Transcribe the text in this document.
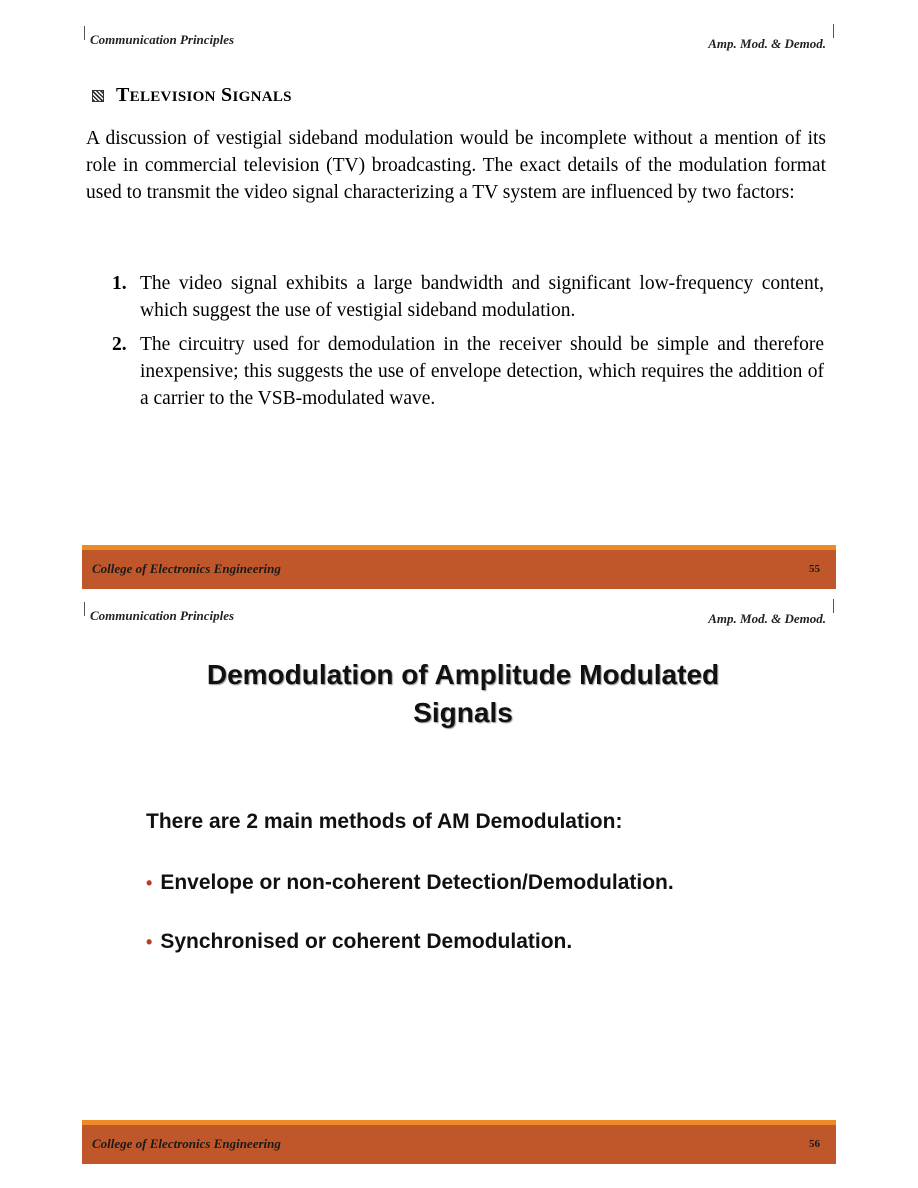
Communication Principles	Amp. Mod. & Demod.
TELEVISION SIGNALS
A discussion of vestigial sideband modulation would be incomplete without a mention of its role in commercial television (TV) broadcasting. The exact details of the modulation format used to transmit the video signal characterizing a TV system are influenced by two factors:
1. The video signal exhibits a large bandwidth and significant low-frequency content, which suggest the use of vestigial sideband modulation.
2. The circuitry used for demodulation in the receiver should be simple and therefore inexpensive; this suggests the use of envelope detection, which requires the addition of a carrier to the VSB-modulated wave.
College of Electronics Engineering	55
Communication Principles	Amp. Mod. & Demod.
Demodulation of Amplitude Modulated
Signals
There are 2 main methods of AM Demodulation:
• Envelope or non-coherent Detection/Demodulation.
• Synchronised or coherent Demodulation.
College of Electronics Engineering	56
